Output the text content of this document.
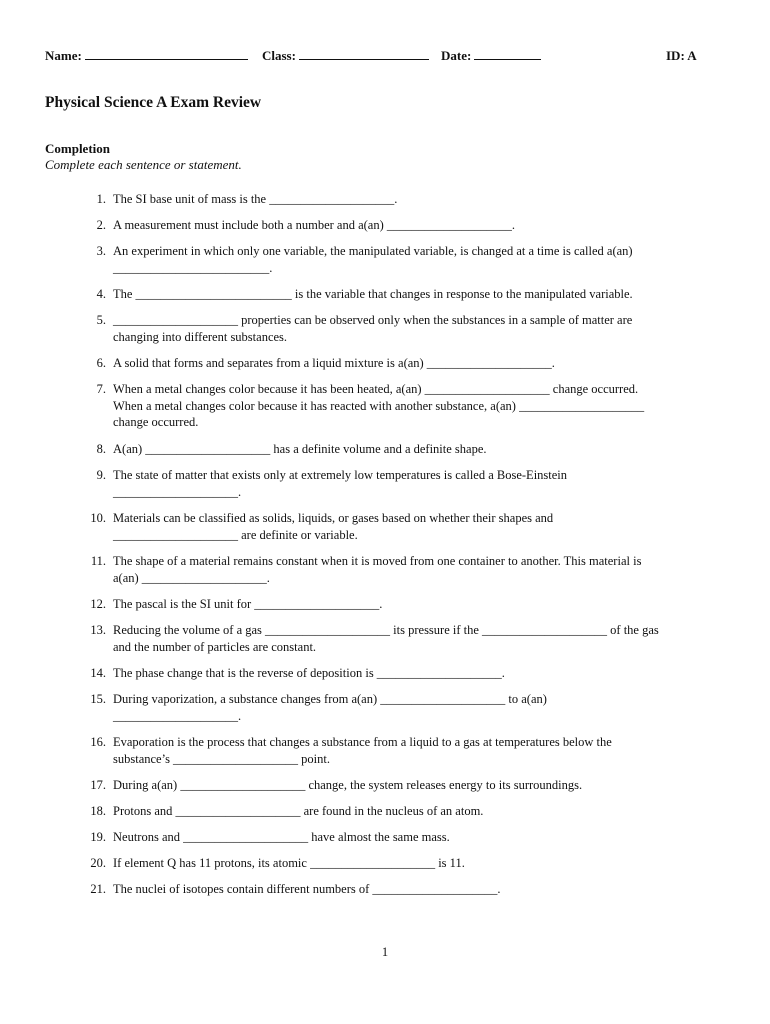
Name:	Class:	Date:	ID: A
Physical Science A Exam Review
Completion
Complete each sentence or statement.
1. The SI base unit of mass is the ____________________.
2. A measurement must include both a number and a(an) ____________________.
3. An experiment in which only one variable, the manipulated variable, is changed at a time is called a(an)
_________________________.
4. The _________________________ is the variable that changes in response to the manipulated variable.
5. ____________________ properties can be observed only when the substances in a sample of matter are
changing into different substances.
6. A solid that forms and separates from a liquid mixture is a(an) ____________________.
7. When a metal changes color because it has been heated, a(an) ____________________ change occurred.
When a metal changes color because it has reacted with another substance, a(an) ____________________
change occurred.
8. A(an) ____________________ has a definite volume and a definite shape.
9. The state of matter that exists only at extremely low temperatures is called a Bose-Einstein
____________________.
10. Materials can be classified as solids, liquids, or gases based on whether their shapes and
____________________ are definite or variable.
11. The shape of a material remains constant when it is moved from one container to another. This material is
a(an) ____________________.
12. The pascal is the SI unit for ____________________.
13. Reducing the volume of a gas ____________________ its pressure if the ____________________ of the gas
and the number of particles are constant.
14. The phase change that is the reverse of deposition is ____________________.
15. During vaporization, a substance changes from a(an) ____________________ to a(an)
____________________.
16. Evaporation is the process that changes a substance from a liquid to a gas at temperatures below the
substance’s ____________________ point.
17. During a(an) ____________________ change, the system releases energy to its surroundings.
18. Protons and ____________________ are found in the nucleus of an atom.
19. Neutrons and ____________________ have almost the same mass.
20. If element Q has 11 protons, its atomic ____________________ is 11.
21. The nuclei of isotopes contain different numbers of ____________________.
1
